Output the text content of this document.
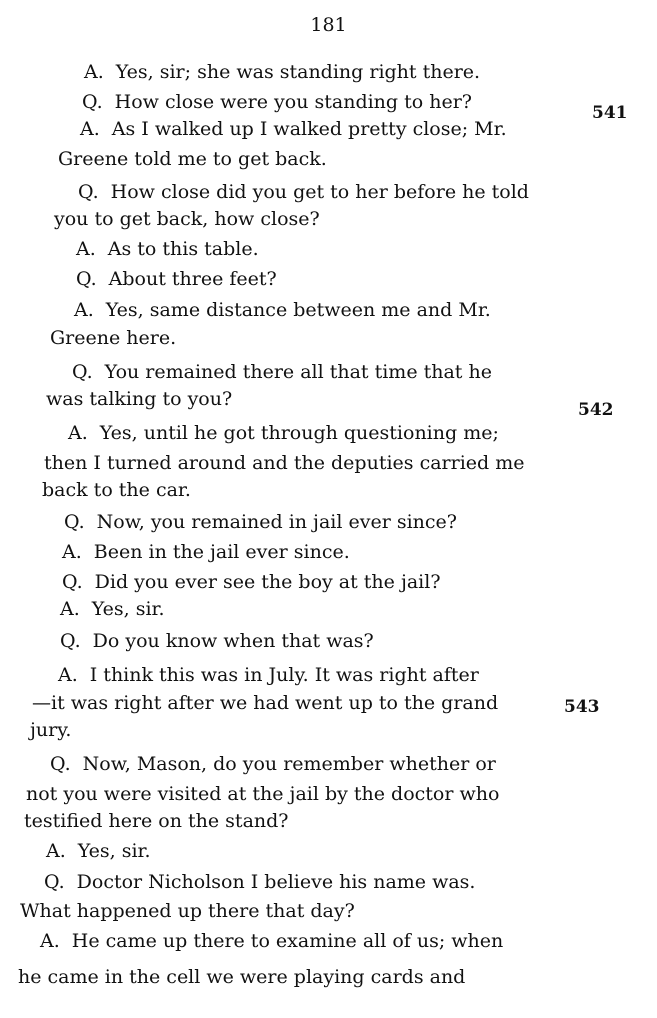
181
A. Yes, sir; she was standing right there.
Q. How close were you standing to her?
A. As I walked up I walked pretty close; Mr.
Greene told me to get back.
Q. How close did you get to her before he told
you to get back, how close?
A. As to this table.
Q. About three feet?
A. Yes, same distance between me and Mr.
Greene here.
Q. You remained there all that time that he
was talking to you?
A. Yes, until he got through questioning me;
then I turned around and the deputies carried me
back to the car.
Q. Now, you remained in jail ever since?
A. Been in the jail ever since.
Q. Did you ever see the boy at the jail?
A. Yes, sir.
Q. Do you know when that was?
A. I think this was in July. It was right after
—it was right after we had went up to the grand
jury.
Q. Now, Mason, do you remember whether or
not you were visited at the jail by the doctor who
testified here on the stand?
A. Yes, sir.
Q. Doctor Nicholson I believe his name was.
What happened up there that day?
A. He came up there to examine all of us; when
he came in the cell we were playing cards and
541
542
543
